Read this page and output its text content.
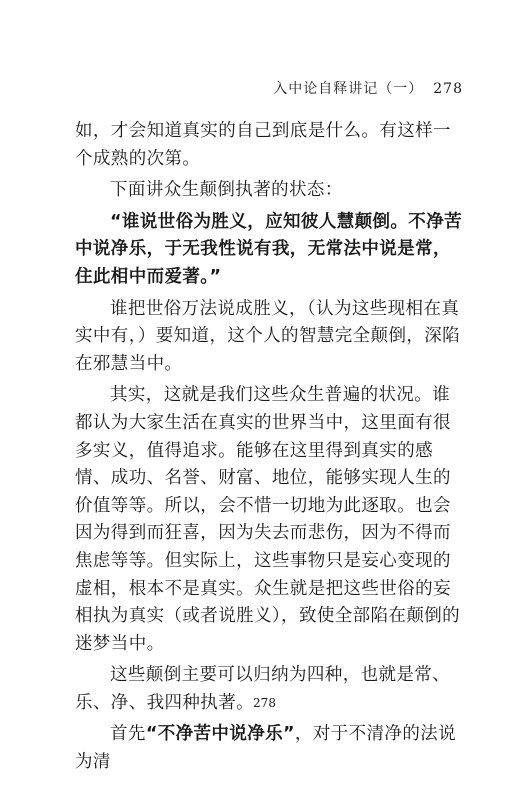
入中论自释讲记（一） 278

如，才会知道真实的自己到底是什么。有这样一个成熟的次第。

下面讲众生颠倒执著的状态：

“谁说世俗为胜义，应知彼人慧颠倒。不净苦中说净乐，于无我性说有我，无常法中说是常，住此相中而爱著。”

谁把世俗万法说成胜义，（认为这些现相在真实中有，）要知道，这个人的智慧完全颠倒，深陷在邪慧当中。

其实，这就是我们这些众生普遍的状况。谁都认为大家生活在真实的世界当中，这里面有很多实义，值得追求。能够在这里得到真实的感情、成功、名誉、财富、地位，能够实现人生的价值等等。所以，会不惜一切地为此逐取。也会因为得到而狂喜，因为失去而悲伤，因为不得而焦虑等等。但实际上，这些事物只是妄心变现的虚相，根本不是真实。众生就是把这些世俗的妄相执为真实（或者说胜义），致使全部陷在颠倒的迷梦当中。

这些颠倒主要可以归纳为四种，也就是常、乐、净、我四种执著。

首先“不净苦中说净乐”，对于不清净的法说为清

278
